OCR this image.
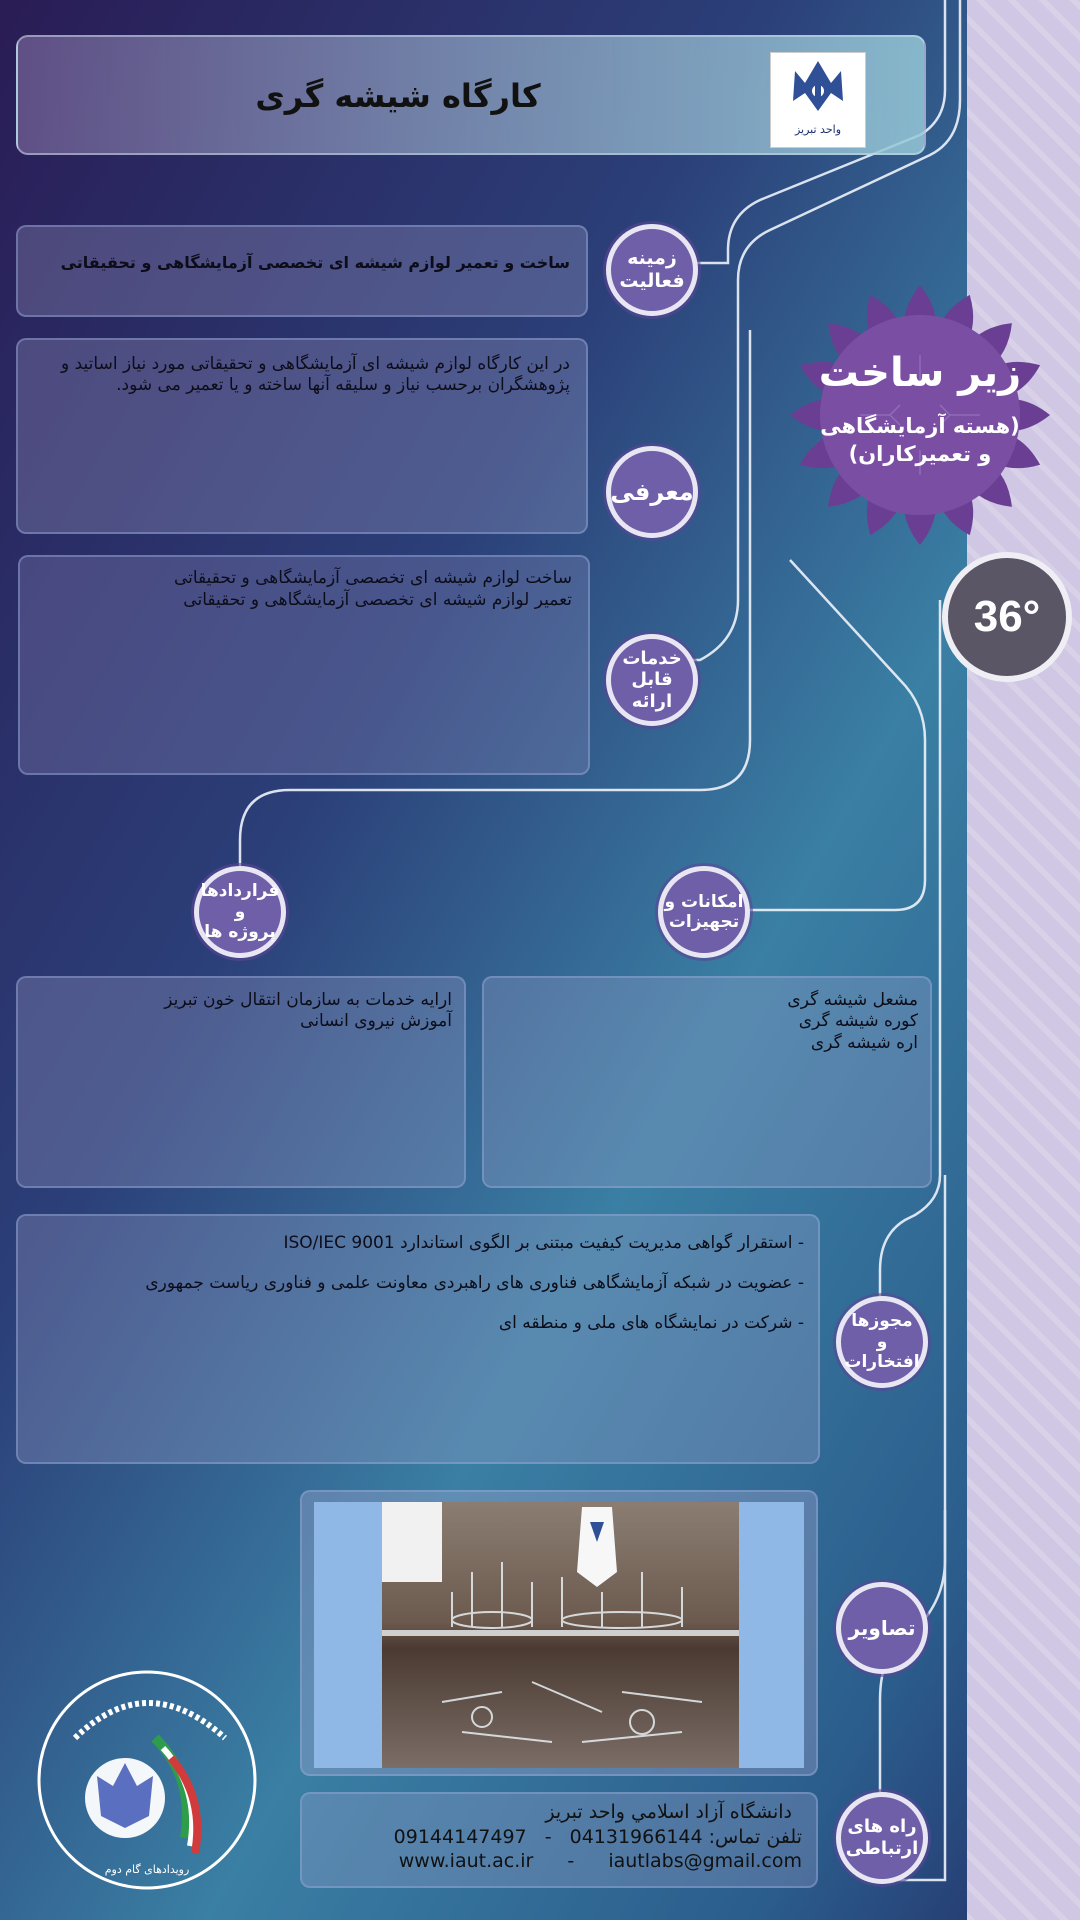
کارگاه شیشه گری
واحد تبریز
زیر ساخت
(هسته آزمایشگاهی
و تعمیرکاران)
36°
ساخت و تعمیر لوازم شیشه ای تخصصی آزمایشگاهی و تحقیقاتی	زمینه
فعالیت
در این کارگاه لوازم شیشه ای آزمایشگاهی و تحقیقاتی مورد نیاز اساتید و پژوهشگران برحسب نیاز و سلیقه آنها ساخته و یا تعمیر می شود.
معرفی
ساخت لوازم شیشه ای تخصصی آزمایشگاهی و تحقیقاتی
تعمیر لوازم شیشه ای تخصصی آزمایشگاهی و تحقیقاتی
خدمات
قابل ارائه
قراردادها و
پروژه ها
ارایه خدمات به سازمان انتقال خون تبریز
آموزش نیروی انسانی
امکانات و
تجهیزات
مشعل شیشه گری
کوره شیشه گری
اره شیشه گری
- استقرار گواهی مدیریت کیفیت مبتنی بر الگوی استاندارد ISO/IEC 9001
- عضویت در شبکه آزمایشگاهی فناوری های راهبردی معاونت علمی و فناوری ریاست جمهوری
- شرکت در نمایشگاه های ملی و منطقه ای	مجوزها
و افتخارات
تصاویر
دانشگاه آزاد اسلامي واحد تبريز
تلفن تماس: 04131966144 - 09144147497
www.iaut.ac.ir - iautlabs@gmail.com
راه های
ارتباطی
رویداد‌های گام دوم
